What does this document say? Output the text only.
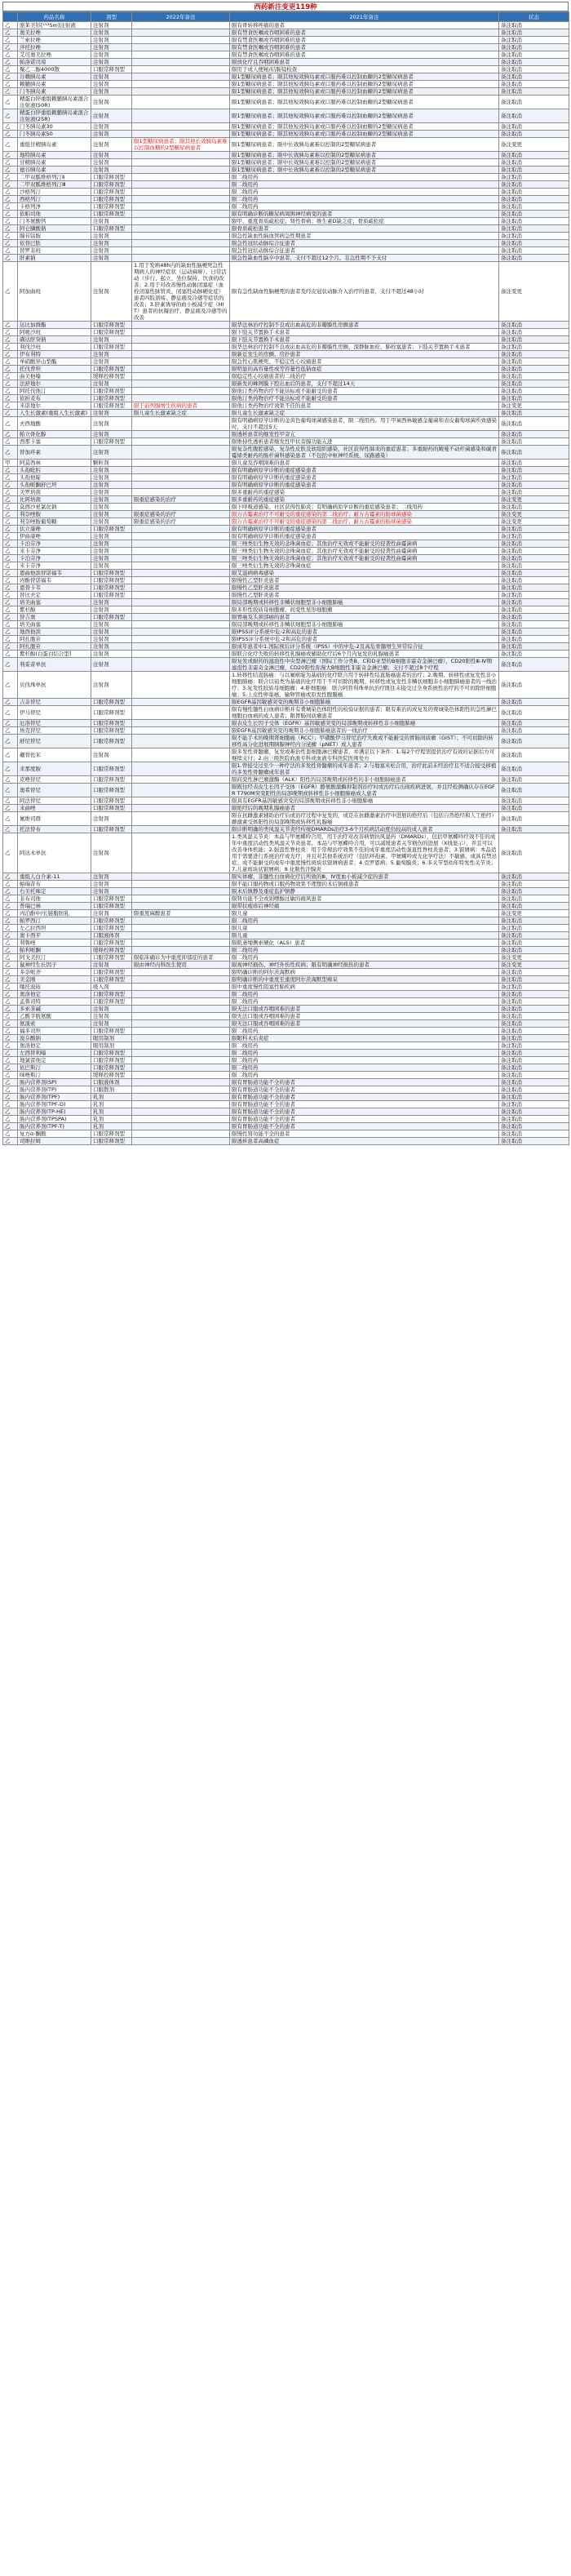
西药新注变更119种
	药品名称	剂型	2022年备注	2021年备注	状态
乙	骆莱美钐[¹⁵³Sm]注射液	注射剂		限有骨转移疼痛的患者	备注取消
乙	奥美拉唑	注射剂		限有禁食医嘱或吞咽困难的患者	备注取消
乙	兰索拉唑	注射剂		限有禁食医嘱或吞咽困难的患者	备注取消
乙	泮托拉唑	注射剂		限有禁食医嘱或吞咽困难的患者	备注取消
乙	艾司奥美拉唑	注射剂		限有禁食医嘱或吞咽困难的患者	备注取消
乙	帕洛诺司琼	注射剂		限放化疗且吞咽困难患者	备注取消
乙	聚乙二醇4000散	口服常释剂型		限用于成人便秘/结肠镜检查	备注取消
乙	谷赖胰岛素	注射剂		限1型糖尿病患者；限其他短效胰岛素或口服药难以控制血糖的2型糖尿病患者	备注取消
乙	赖脯胰岛素	注射剂		限1型糖尿病患者；限其他短效胰岛素或口服药难以控制血糖的2型糖尿病患者	备注取消
乙	门冬胰岛素	注射剂		限1型糖尿病患者；限其他短效胰岛素或口服药难以控制血糖的2型糖尿病患者	备注取消
乙	精蛋白锌重组赖脯胰岛素混合注射液(50R)	注射剂		限1型糖尿病患者；限其他短效胰岛素或口服药难以控制血糖的2型糖尿病患者	备注取消
乙	精蛋白锌重组赖脯胰岛素混合注射液(25R)	注射剂		限1型糖尿病患者；限其他短效胰岛素或口服药难以控制血糖的2型糖尿病患者	备注取消
乙	门冬胰岛素30	注射剂		限1型糖尿病患者；限其他短效胰岛素或口服药难以控制血糖的2型糖尿病患者	备注取消
乙	门冬胰岛素50	注射剂		限1型糖尿病患者；限其他短效胰岛素或口服药难以控制血糖的2型糖尿病患者	备注取消
乙	重组甘精胰岛素	注射剂	限1型糖尿病患者；限其他长效胰岛素难以控制血糖的2型糖尿病患者	限1型糖尿病患者；限中长效胰岛素难以控制的2型糖尿病患者	备注变更
乙	地特胰岛素	注射剂		限1型糖尿病患者；限中长效胰岛素难以控制的2型糖尿病患者	备注取消
乙	甘精胰岛素	注射剂		限1型糖尿病患者；限中长效胰岛素难以控制的2型糖尿病患者	备注取消
乙	德谷胰岛素	注射剂		限1型糖尿病患者；限中长效胰岛素难以控制的2型糖尿病患者	备注取消
乙	二甲双胍维格列汀Ⅱ	口服常释剂型		限二线用药	备注取消
乙	二甲双胍维格列汀Ⅲ	口服常释剂型		限二线用药	备注取消
乙	沙格列汀	口服常释剂型		限二线用药	备注取消
乙	西格列汀	口服常释剂型		限二线用药	备注取消
乙	卡格列净	口服常释剂型		限二线用药	备注取消
乙	依帕司他	口服常释剂型		限有明确诊断的糖尿病周围神经病变的患者	备注取消
乙	门冬氨酸钙	注射剂		限甲、重度骨质疏松症；肾性骨病；维生素D缺乏症；骨质疏松症	备注取消
乙	阿仑膦酸钠	口服常释剂型		限骨质疏松患者	备注取消
乙	腺苷钴胺	注射剂		限急性缺血性脑血管病急性期患者	备注取消
乙	依替巴肽	注射剂		限急性冠状动脉综合征患者	备注取消
乙	替罗非班	注射剂		限急性冠状动脉综合征患者	备注取消
乙	肝素钠	注射剂		限急性缺血性脑卒中患者，支付不超过12个月。非急性期不予支付	备注取消
乙	阿加曲班	注射剂	1.用于发病48h内的缺血性脑梗死急性期病人的神经症状（运动麻痹）、日常活动（步行、起立、坐位保持、饮食的改善；2.用于对改善慢性动脉闭塞症（血栓闭塞性脉管炎、闭塞性动脉硬化症）患者四肢溃疡、静息痛及冷感等症状的改善；3.肝素诱导的血小板减少症（HIT）患者的抗凝治疗，静息痛及冷感等的改善	限有急性缺血性脑梗死的患者及经皮冠状动脉介入治疗的患者，支付不超过48小时	备注变更
乙	达比加群酯	口服常释剂型		限华法林治疗控制不良或出血高危的非瓣膜性房颤患者	备注取消
乙	阿哌沙班	口服常释剂型		限下肢关节置换手术患者	备注取消
乙	磺达肝癸钠	注射剂		限下肢关节置换手术患者	备注取消
乙	利伐沙班	口服常释剂型		限华法林治疗控制不良或出血高危的非瓣膜性房颤、深静脉血栓、肺栓塞患者；下肢关节置换手术患者	备注取消
乙	伊布利特	注射剂		限新近发生的房颤、房扑患者	备注取消
乙	单硝酸异山梨酯	注射剂		限急性心肌梗死、不稳定性心绞痛患者	备注取消
乙	托伐普坦	口服常释剂型		限明显的高容量性或等容量性低钠血症	备注取消
乙	曲美他嗪	缓释控释剂型		限稳定性心绞痛患者的二线治疗	备注取消
乙	法舒地尔	注射剂		限新发的蛛网膜下腔出血后的患者，支付不超过14天	备注取消
乙	阿托伐他汀	口服常释剂型		限他汀类药物治疗不能达标或不能耐受的患者	备注取消
乙	依折麦布	口服常释剂型		限他汀类药物治疗不能达标或不能耐受的患者	备注取消
乙	米诺地尔	口服常释剂型	限于前列腺增生疾病的患者	限他汀类药物治疗效果不佳的患者	备注变更
乙	人生长激素(重组人生长激素)	注射剂	限儿童生长激素缺乏症	限儿童生长激素缺乏症	备注取消
乙	夫西地酸	注射剂		限有明确病原学诊断的金黄色葡萄球菌感染患者，限二线用药。用于甲氧西林敏感金葡菌和表皮葡萄球菌所致感染时，支付不超过5天	备注取消
乙	帕立骨化醇	注射剂		限透析患者的继发性甲旁亢	备注取消
乙	西那卡塞	口服常释剂型		限维持性透析患者继发性甲状旁腺功能亢进	备注取消
乙	替加环素	注射剂		限复杂性腹腔感染、复杂性皮肤及软组织感染、社区获得性肺炎的重症患者；多重耐药的鲍曼不动杆菌感染和碳青霉烯类耐药的肠杆菌科感染患者（不包括中枢神经系统、尿路感染）	备注取消
甲	阿莫西林	颗粒剂		限儿童及吞咽困难的患者	备注取消
乙	头孢吡肟	注射剂		限有明确病原学诊断的重症感染患者	备注取消
乙	头孢他啶	注射剂		限有明确病原学诊断的重症感染患者	备注取消
乙	头孢哌酮舒巴坦	注射剂		限有明确病原学诊断的重症感染患者	备注取消
乙	美罗培南	注射剂		限多重耐药的重症感染	备注取消
乙	比阿培南	注射剂	限重症感染的治疗	限多重耐药的重症感染	备注变更
乙	莫西沙星氯化钠	注射剂		限下呼吸道感染、社区获得性肺炎；有明确病原学诊断的重症感染患者；二线用药	备注取消
乙	利奈唑胺	注射剂	限重症感染的治疗	限万古霉素治疗不可耐受的重症感染的第二线治疗；耐万古霉素的肠球菌感染	备注变更
乙	利奈唑胺葡萄糖	注射剂	限重症感染的治疗	限万古霉素治疗不可耐受的重症感染的第二线治疗；耐万古霉素的肠球菌感染	备注变更
乙	伏立康唑	口服常释剂型		限有明确病原学诊断的重症感染患者	备注取消
乙	伊曲康唑	注射剂		限有明确病原学诊断的重症感染患者	备注取消
乙	卡泊芬净	注射剂		限三唑类衍生物无效的念珠菌血症；其他治疗无效或不能耐受的侵袭性曲霉菌病	备注取消
乙	米卡芬净	注射剂		限三唑类衍生物无效的念珠菌血症；其他治疗无效或不能耐受的侵袭性曲霉菌病	备注取消
乙	卡泊芬净	注射剂		限三唑类衍生物无效的念珠菌血症；其他治疗无效或不能耐受的侵袭性曲霉菌病	备注取消
乙	米卡芬净	注射剂		限三唑类衍生物无效的念珠菌血症	备注取消
乙	恩曲他滨替诺福韦	口服常释剂型		限艾滋病病毒感染	备注取消
乙	丙酚替诺福韦	口服常释剂型		限慢性乙型肝炎患者	备注取消
乙	恩替卡韦	口服常释剂型		限慢性乙型肝炎患者	备注取消
乙	替比夫定	口服常释剂型		限慢性乙型肝炎患者	备注取消
乙	培美曲塞	注射剂		限局部晚期或转移性非鳞状细胞型非小细胞肺癌	备注取消
乙	紫杉醇	注射剂		限多形性胶质母细胞瘤、间变性星形细胞瘤	备注取消
乙	替吉奥	口服常释剂型		限胃癌及头颈部癌的患者	备注取消
乙	培美曲塞	注射剂		限局部晚期或转移性非鳞状细胞型非小细胞肺癌	备注取消
乙	地西他滨	注射剂		限IPSS评分系统中危-2和高危的患者	备注取消
乙	阿扎胞苷	注射剂		限IPSS评分系统中危-2和高危的患者	备注取消
乙	阿扎胞苷	注射剂		限成年患者中1.国际预后评分系统（IPSS）中的中危-2及高危骨髓增生异常综合征	备注取消
乙	紫杉醇(白蛋白结合型)	注射剂		限联合化疗失败的转移性乳腺癌或辅助化疗后6个月内复发的乳腺癌患者	备注取消
乙	利妥昔单抗	注射剂		限复发或耐药的滤泡性中央型淋巴瘤（国际工作分类B、C和D亚型的B细胞非霍奇金淋巴瘤），CD20阳性Ⅲ-Ⅳ期滤泡性非霍奇金淋巴瘤，CD20阳性弥漫大B细胞性非霍奇金淋巴瘤；支付不超过8个疗程	备注取消
乙	贝伐珠单抗	注射剂		1.转移性结直肠癌：与以氟嘧啶为基础的化疗联合用于转移性结直肠癌患者的治疗；2.晚期、转移性或复发性非小细胞肺癌：联合以铂类为基础的化疗用于不可切除的晚期、转移性或复发性非鳞状细胞非小细胞肺癌患者的一线治疗；3.复发性胶质母细胞瘤；4.肝细胞癌：联合阿替利珠单抗治疗既往未接受过全身系统性治疗的不可切除肝细胞癌；5.上皮性卵巢癌、输卵管癌或原发性腹膜癌	备注取消
乙	吉非替尼	口服常释剂型		限EGFR基因敏感突变的晚期非小细胞肺癌	备注取消
乙	伊马替尼	口服常释剂型		限有慢性髓性白血病诊断并有费城染色体阳性的检验证据的患者；限有难治的或复发的费城染色体阳性的急性淋巴细胞白血病的成人患者；限胃肠间质瘤患者	备注取消
乙	厄洛替尼	口服常释剂型		限表皮生长因子受体（EGFR）基因敏感突变的局部晚期或转移性非小细胞肺癌	备注取消
乙	埃克替尼	口服常释剂型		限EGFR基因敏感突变的晚期非小细胞肺癌患者的一线治疗	备注取消
乙	舒尼替尼	口服常释剂型		限不能手术的晚期肾细胞癌（RCC）；甲磺酸伊马替尼治疗失败或不能耐受的胃肠间质瘤（GIST）；不可切除的转移性高分化进展期胰腺神经内分泌瘤（pNET）成人患者	备注取消
乙	硼替佐米	注射剂		限多发性骨髓瘤、复发或难治性套细胞淋巴瘤患者，并满足以下条件：1.每2个疗程需提供治疗有效的证据后方可继续支付；2.由三级医院血液专科或血液专科医院医师处方	备注取消
乙	来那度胺	口服常释剂型		限1.曾接受过至少一种疗法的多发性骨髓瘤的成年患者；2.与地塞米松合用，治疗此前未经治疗且不适合接受移植的多发性骨髓瘤成年患者	备注取消
乙	克唑替尼	口服常释剂型		限间变性淋巴瘤激酶（ALK）阳性的局部晚期或转移性的非小细胞肺癌患者	备注取消
乙	奥希替尼	口服常释剂型		限既往经表皮生长因子受体（EGFR）酪氨酸激酶抑制剂治疗时或治疗后出现疾病进展，并且经检测确认存在EGFR T790M突变阳性的局部晚期或转移性非小细胞肺癌成人患者	备注取消
乙	阿法替尼	口服常释剂型		限具有EGFR基因敏感突变的局部晚期或转移性非小细胞肺癌	备注取消
乙	来曲唑	口服常释剂型		限绝经后的晚期乳腺癌患者	备注取消
乙	氟维司群	注射剂		限在抗雌激素辅助治疗后或治疗过程中复发的，或是在抗雌激素治疗中进展的绝经后（包括自然绝经和人工绝经）雌激素受体阳性的局部晚期或转移性乳腺癌	备注取消
乙	托法替布	口服常释剂型		限诊断明确的类风湿关节炎经传统DMARDs治疗3-6个月疾病活动度仍较高的成人患者	备注取消
乙	阿达木单抗	注射剂		1.类风湿关节炎：本品与甲氨蝶呤合用，用于治疗对改善病情抗风湿药（DMARDs），包括甲氨蝶呤疗效不佳的成年中重度活动性类风湿关节炎患者。本品与甲氨蝶呤合用，可以减缓患者关节损伤的进展（X线显示），并且可以改善身体机能；2.强直性脊柱炎：用于常规治疗效果不佳的成年重度活动性强直性脊柱炎患者；3.银屑病：本品适用于需要进行系统治疗或光疗，并且对其他系统治疗（包括环孢素、甲氨蝶呤或光化学疗法）不敏感、或具有禁忌症、或不能耐受的成年中重度慢性斑块状银屑病患者；4.克罗恩病；5.葡萄膜炎；6.多关节型幼年特发性关节炎；7.儿童斑块状银屑病；8.化脓性汗腺炎	备注取消
乙	重组人白介素-11	注射剂		限实体瘤、非髓性白血病化疗后所致的Ⅲ、Ⅳ度血小板减少症的患者	备注取消
乙	帕瑞昔布	注射剂		限不能口服药物或口服药物效果不理想的术后镇痛患者	备注取消
乙	右美托咪定	注射剂		限术后镇静及重症监护镇静	备注取消
乙	非布司他	口服常释剂型		限肾功能不全或别嘌醇过敏的痛风患者	备注取消
乙	普瑞巴林	口服常释剂型		限带状疱疹后神经痛	备注取消
乙	丙泊酚中/长链脂肪乳	注射剂	限重度麻醉患者	限儿童	备注变更
乙	帕罗西汀	口服常释剂型		限二线用药	备注取消
乙	左乙拉西坦	口服常释剂型		限儿童	备注取消
乙	奥卡西平	口服液体剂		限儿童	备注取消
乙	利鲁唑	口服常释剂型		限肌萎缩侧索硬化（ALS）患者	备注取消
乙	帕利哌酮	缓释控释剂型		限二线用药	备注取消
乙	阿戈美拉汀	口服常释剂型	限临床确诊为中重度抑郁症的患者	限二线用药	备注变更
乙	鼠神经生长因子	注射剂	限由神经内科医生使用	限视神经损伤、神经外伤性疾病；限有明确神经损伤的患者	备注变更
乙	多奈哌齐	口服常释剂型		限明确诊断的阿尔茨海默病	备注取消
乙	美金刚	口服常释剂型		限明确诊断的中重度至重度阿尔茨海默型痴呆	备注取消
乙	噻托溴铵	吸入剂		限中重度慢性阻塞性肺疾病	备注取消
乙	奥洛他定	口服常释剂型		限二线用药	备注取消
乙	孟鲁司特	口服常释剂型		限二线用药	备注取消
乙	多索茶碱	注射剂		限无法口服或吞咽困难的患者	备注取消
乙	乙酰半胱氨酸	注射剂		限无法口服或吞咽困难的患者	备注取消
乙	氨溴索	注射剂		限无法口服或吞咽困难的患者	备注取消
乙	福多司坦	口服常释剂型		限二线用药	备注取消
乙	溴芬酸钠	眼用制剂		限眼科术后炎症	备注取消
乙	奥洛他定	眼用制剂		限二线用药	备注取消
乙	左西替利嗪	口服常释剂型		限二线用药	备注取消
乙	地氯雷他定	口服常释剂型		限二线用药	备注取消
乙	依巴斯汀	口服常释剂型		限二线用药	备注取消
乙	咪唑斯汀	缓释控释剂型		限二线用药	备注取消
乙	肠内营养剂(SP)	口服液体剂		限有胃肠道功能不全的患者	备注取消
乙	肠内营养剂(TP)	口服散剂		限有胃肠道功能不全的患者	备注取消
乙	肠内营养剂(TPF)	乳剂		限有胃肠道功能不全的患者	备注取消
乙	肠内营养剂(TPF-D)	乳剂		限有胃肠道功能不全的患者	备注取消
乙	肠内营养剂(TP-HE)	乳剂		限有胃肠道功能不全的患者	备注取消
乙	肠内营养剂(TPSPA)	乳剂		限有胃肠道功能不全的患者	备注取消
乙	肠内营养剂(TPF-T)	乳剂		限有胃肠道功能不全的患者	备注取消
乙	复方α-酮酸	口服常释剂型		限慢性肾功能不全的患者	备注取消
乙	司维拉姆	口服常释剂型		限透析患者高磷血症	备注取消
